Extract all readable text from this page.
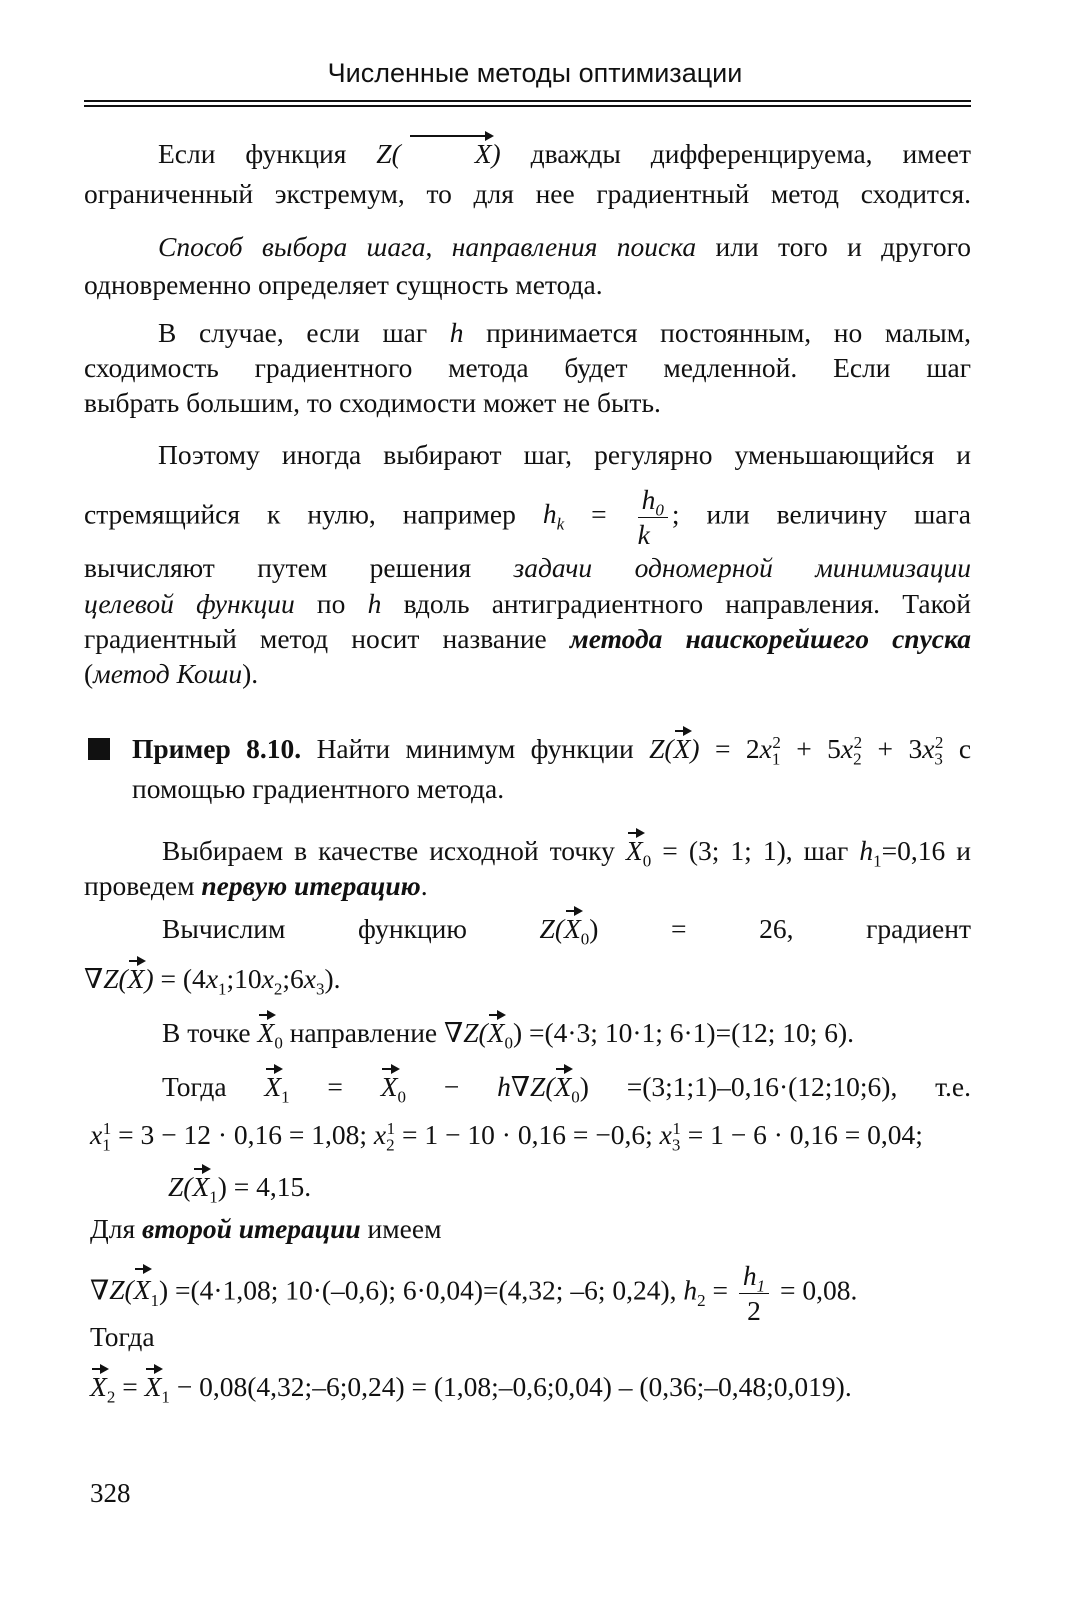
Численные методы оптимизации
Если функция Z(	X) дважды дифференцируема, имеет
ограниченный экстремум, то для нее градиентный метод сходится.
Способ выбора шага, направления поиска или того и другого
одновременно определяет сущность метода.
В случае, если шаг h принимается постоянным, но малым,
сходимость градиентного метода будет медленной. Если шаг
выбрать большим, то сходимости может не быть.
Поэтому иногда выбирают шаг, регулярно уменьшающийся и
стремящийся к нулю, например $h_k = \frac{h_0}{k}$ ; или величину шага
вычисляют путем решения задачи одномерной минимизации
целевой функции по h вдоль антиградиентного направления. Такой
градиентный метод носит название метода наискорейшего спуска
(метод Коши).
Пример 8.10. Найти минимум функции $Z(X) = 2x_1^2 + 5x_2^2 + 3x_3^2$ с
помощью градиентного метода.
Выбираем в качестве исходной точку $X_0 = (3$; 1; 1), шаг $h_1=0,16$ и
проведем первую итерацию.
Вычислим функцию $Z(X_0) = 26$, градиент
$\nabla Z(X) = (4x_1;10x_2;6x_3)$.
В точке $X_0$ направление $\nabla Z(X_0) =(4\cdot 3$; 10·1; 6·1)=(12; 10; 6).
Тогда $X_1 = X_0 - h\nabla Z(X_0)$ =(3;1;1)–0,16·(12;10;6), т.е.
$x_1^1 = 3 - 12 \cdot 0,16 = 1,08$; $x_2^1 = 1 - 10 \cdot 0,16 = -0,6$; $x_3^1 = 1 - 6 \cdot 0,16 = 0,04$;
$Z(X_1) = 4,15$.
Для второй итерации имеем
$\nabla Z(X_1) =(4\cdot 1,08$; 10·(–0,6); 6·0,04)=(4,32; –6; 0,24), $h_2 = \frac{h_1}{2} = 0,08$.
Тогда
$X_2 = X_1$ − 0,08(4,32;–6;0,24) = (1,08;–0,6;0,04) – (0,36;–0,48;0,019).
328
